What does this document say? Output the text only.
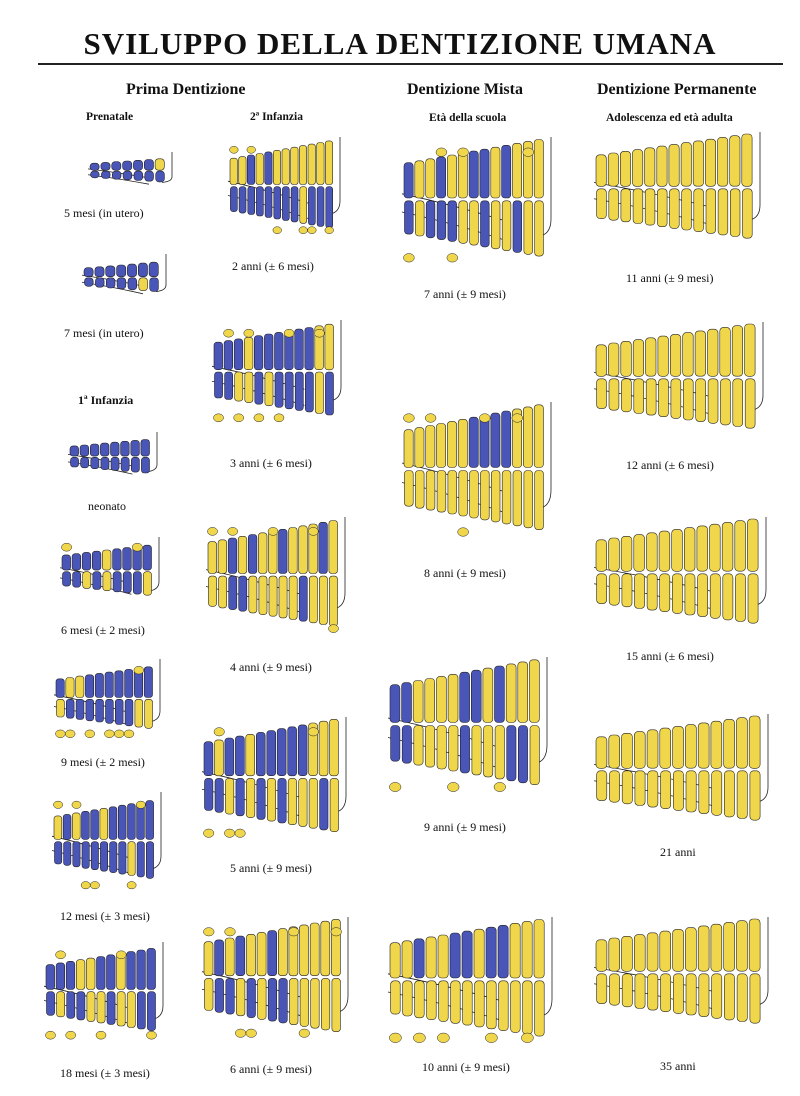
SVILUPPO DELLA DENTIZIONE UMANA
Prima Dentizione	Dentizione Mista	Dentizione Permanente
Prenatale	2ª Infanzia	Età della scuola	Adolescenza ed età adulta
1ª Infanzia
5 mesi (in utero)
7 mesi (in utero)
neonato
6 mesi (± 2 mesi)
9 mesi (± 2 mesi)
12 mesi (± 3 mesi)
18 mesi (± 3 mesi)
2 anni (± 6 mesi)
3 anni (± 6 mesi)
4 anni (± 9 mesi)
5 anni (± 9 mesi)
6 anni (± 9 mesi)
7 anni (± 9 mesi)
8 anni (± 9 mesi)
9 anni (± 9 mesi)
10 anni (± 9 mesi)
11 anni (± 9 mesi)
12 anni (± 6 mesi)
15 anni (± 6 mesi)
21 anni
35 anni
